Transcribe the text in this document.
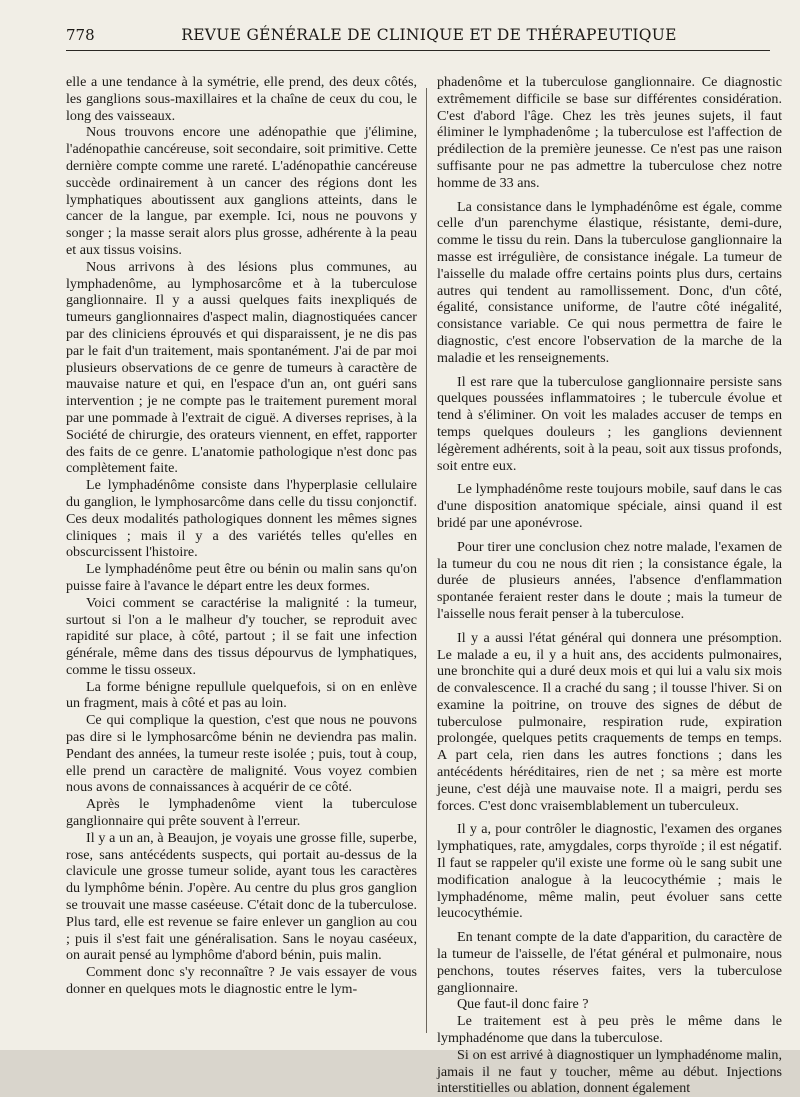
778	REVUE GÉNÉRALE DE CLINIQUE ET DE THÉRAPEUTIQUE

elle a une tendance à la symétrie, elle prend, des deux côtés, les ganglions sous-maxillaires et la chaîne de ceux du cou, le long des vaisseaux.

Nous trouvons encore une adénopathie que j'élimine, l'adénopathie cancéreuse, soit secondaire, soit primitive. Cette dernière compte comme une rareté. L'adénopathie cancéreuse succède ordinairement à un cancer des régions dont les lymphatiques aboutissent aux ganglions atteints, dans le cancer de la langue, par exemple. Ici, nous ne pouvons y songer ; la masse serait alors plus grosse, adhérente à la peau et aux tissus voisins.

Nous arrivons à des lésions plus communes, au lymphadenôme, au lymphosarcôme et à la tuberculose ganglionnaire. Il y a aussi quelques faits inexpliqués de tumeurs ganglionnaires d'aspect malin, diagnostiquées cancer par des cliniciens éprouvés et qui disparaissent, je ne dis pas par le fait d'un traitement, mais spontanément. J'ai de par moi plusieurs observations de ce genre de tumeurs à caractère de mauvaise nature et qui, en l'espace d'un an, ont guéri sans intervention ; je ne compte pas le traitement purement moral par une pommade à l'extrait de ciguë. A diverses reprises, à la Société de chirurgie, des orateurs viennent, en effet, rapporter des faits de ce genre. L'anatomie pathologique n'est donc pas complètement faite.

Le lymphadénôme consiste dans l'hyperplasie cellulaire du ganglion, le lymphosarcôme dans celle du tissu conjonctif. Ces deux modalités pathologiques donnent les mêmes signes cliniques ; mais il y a des variétés telles qu'elles en obscurcissent l'histoire.

Le lymphadénôme peut être ou bénin ou malin sans qu'on puisse faire à l'avance le départ entre les deux formes.

Voici comment se caractérise la malignité : la tumeur, surtout si l'on a le malheur d'y toucher, se reproduit avec rapidité sur place, à côté, partout ; il se fait une infection générale, même dans des tissus dépourvus de lymphatiques, comme le tissu osseux.

La forme bénigne repullule quelquefois, si on en enlève un fragment, mais à côté et pas au loin.

Ce qui complique la question, c'est que nous ne pouvons pas dire si le lymphosarcôme bénin ne deviendra pas malin. Pendant des années, la tumeur reste isolée ; puis, tout à coup, elle prend un caractère de malignité. Vous voyez combien nous avons de connaissances à acquérir de ce côté.

Après le lymphadenôme vient la tuberculose ganglionnaire qui prête souvent à l'erreur.

Il y a un an, à Beaujon, je voyais une grosse fille, superbe, rose, sans antécédents suspects, qui portait au-dessus de la clavicule une grosse tumeur solide, ayant tous les caractères du lymphôme bénin. J'opère. Au centre du plus gros ganglion se trouvait une masse caséeuse. C'était donc de la tuberculose. Plus tard, elle est revenue se faire enlever un ganglion au cou ; puis il s'est fait une généralisation. Sans le noyau caséeux, on aurait pensé au lymphôme d'abord bénin, puis malin.

Comment donc s'y reconnaître ? Je vais essayer de vous donner en quelques mots le diagnostic entre le lym-

phadenôme et la tuberculose ganglionnaire. Ce diagnostic extrêmement difficile se base sur différentes considération. C'est d'abord l'âge. Chez les très jeunes sujets, il faut éliminer le lymphadenôme ; la tuberculose est l'affection de prédilection de la première jeunesse. Ce n'est pas une raison suffisante pour ne pas admettre la tuberculose chez notre homme de 33 ans.

La consistance dans le lymphadénôme est égale, comme celle d'un parenchyme élastique, résistante, demi-dure, comme le tissu du rein. Dans la tuberculose ganglionnaire la masse est irrégulière, de consistance inégale. La tumeur de l'aisselle du malade offre certains points plus durs, certains autres qui tendent au ramollissement. Donc, d'un côté, égalité, consistance uniforme, de l'autre côté inégalité, consistance variable. Ce qui nous permettra de faire le diagnostic, c'est encore l'observation de la marche de la maladie et les renseignements.

Il est rare que la tuberculose ganglionnaire persiste sans quelques poussées inflammatoires ; le tubercule évolue et tend à s'éliminer. On voit les malades accuser de temps en temps quelques douleurs ; les ganglions deviennent légèrement adhérents, soit à la peau, soit aux tissus profonds, soit entre eux.

Le lymphadénôme reste toujours mobile, sauf dans le cas d'une disposition anatomique spéciale, ainsi quand il est bridé par une aponévrose.

Pour tirer une conclusion chez notre malade, l'examen de la tumeur du cou ne nous dit rien ; la consistance égale, la durée de plusieurs années, l'absence d'enflammation spontanée feraient rester dans le doute ; mais la tumeur de l'aisselle nous ferait penser à la tuberculose.

Il y a aussi l'état général qui donnera une présomption. Le malade a eu, il y a huit ans, des accidents pulmonaires, une bronchite qui a duré deux mois et qui lui a valu six mois de convalescence. Il a craché du sang ; il tousse l'hiver. Si on examine la poitrine, on trouve des signes de début de tuberculose pulmonaire, respiration rude, expiration prolongée, quelques petits craquements de temps en temps. A part cela, rien dans les autres fonctions ; dans les antécédents héréditaires, rien de net ; sa mère est morte jeune, c'est déjà une mauvaise note. Il a maigri, perdu ses forces. C'est donc vraisemblablement un tuberculeux.

Il y a, pour contrôler le diagnostic, l'examen des organes lymphatiques, rate, amygdales, corps thyroïde ; il est négatif. Il faut se rappeler qu'il existe une forme où le sang subit une modification analogue à la leucocythémie ; mais le lymphadénome, même malin, peut évoluer sans cette leucocythémie.

En tenant compte de la date d'apparition, du caractère de la tumeur de l'aisselle, de l'état général et pulmonaire, nous penchons, toutes réserves faites, vers la tuberculose ganglionnaire.

Que faut-il donc faire ?

Le traitement est à peu près le même dans le lymphadénome que dans la tuberculose.

Si on est arrivé à diagnostiquer un lymphadénome malin, jamais il ne faut y toucher, même au début. Injections interstitielles ou ablation, donnent également
